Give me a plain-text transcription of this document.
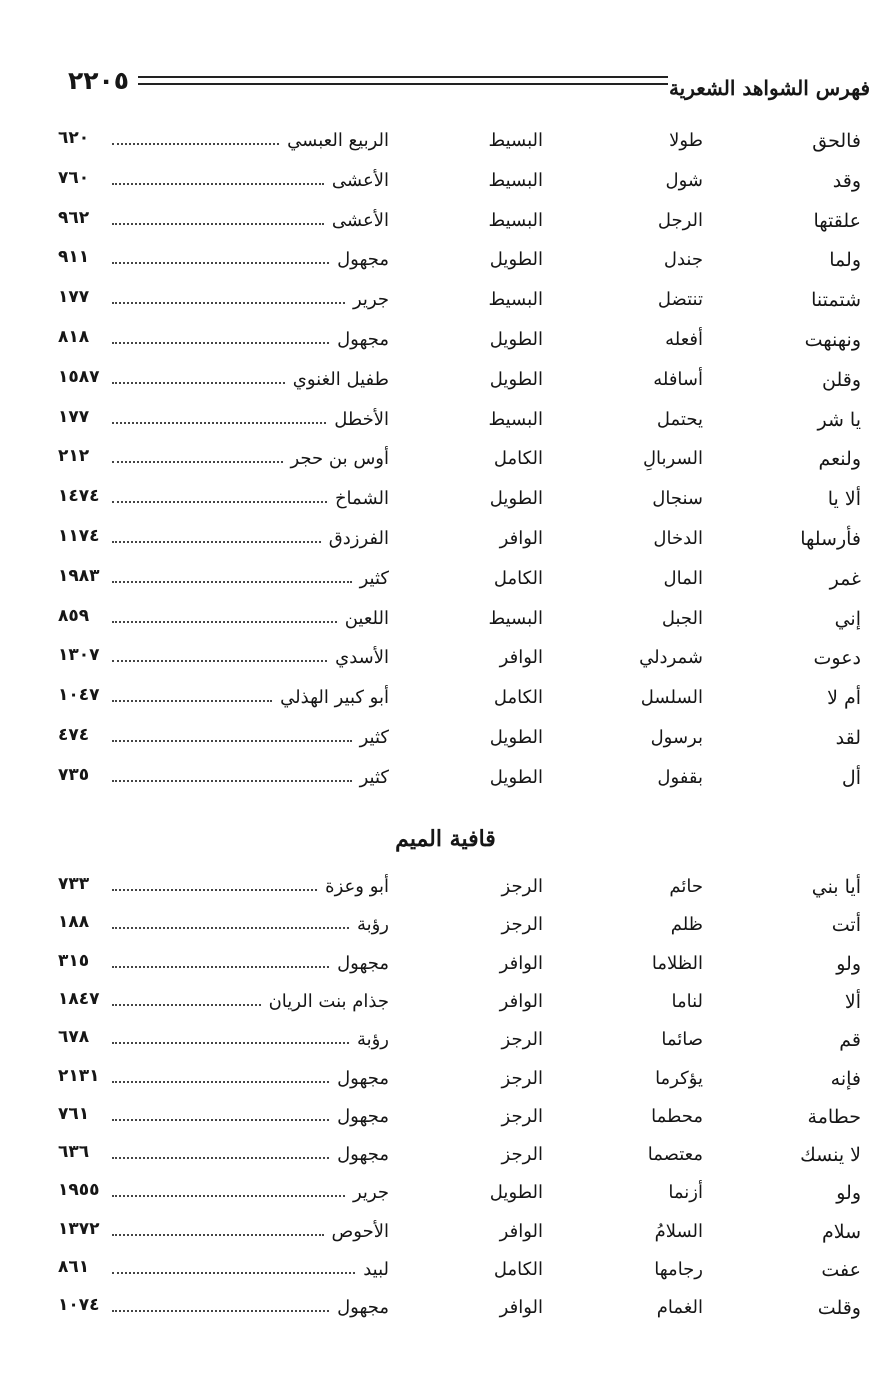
٢٢٠٥	فهرس الشواهد الشعرية
فالحق
طولا
البسيط
الربيع العبسي
٦٢٠
وقد
شول
البسيط
الأعشى
٧٦٠
علقتها
الرجل
البسيط
الأعشى
٩٦٢
ولما
جندل
الطويل
مجهول
٩١١
شتمتنا
تنتضل
البسيط
جرير
١٧٧
ونهنهت
أفعله
الطويل
مجهول
٨١٨
وقلن
أسافله
الطويل
طفيل الغنوي
١٥٨٧
يا شر
يحتمل
البسيط
الأخطل
١٧٧
ولنعم
السربالِ
الكامل
أوس بن حجر
٢١٢
ألا يا
سنجال
الطويل
الشماخ
١٤٧٤
فأرسلها
الدخال
الوافر
الفرزدق
١١٧٤
غمر
المال
الكامل
كثير
١٩٨٣
إني
الجبل
البسيط
اللعين
٨٥٩
دعوت
شمردلي
الوافر
الأسدي
١٣٠٧
أم لا
السلسل
الكامل
أبو كبير الهذلي
١٠٤٧
لقد
برسول
الطويل
كثير
٤٧٤
أل
بقفول
الطويل
كثير
٧٣٥
قافية الميم
أيا بني
حائم
الرجز
أبو وعزة
٧٣٣
أتت
ظلم
الرجز
رؤبة
١٨٨
ولو
الظلاما
الوافر
مجهول
٣١٥
ألا
لناما
الوافر
جذام بنت الريان
١٨٤٧
قم
صائما
الرجز
رؤبة
٦٧٨
فإنه
يؤكرما
الرجز
مجهول
٢١٣١
حطامة
محطما
الرجز
مجهول
٧٦١
لا ينسك
معتصما
الرجز
مجهول
٦٣٦
ولو
أزنما
الطويل
جرير
١٩٥٥
سلام
السلامُ
الوافر
الأحوص
١٣٧٢
عفت
رجامها
الكامل
لبيد
٨٦١
وقلت
الغمام
الوافر
مجهول
١٠٧٤
